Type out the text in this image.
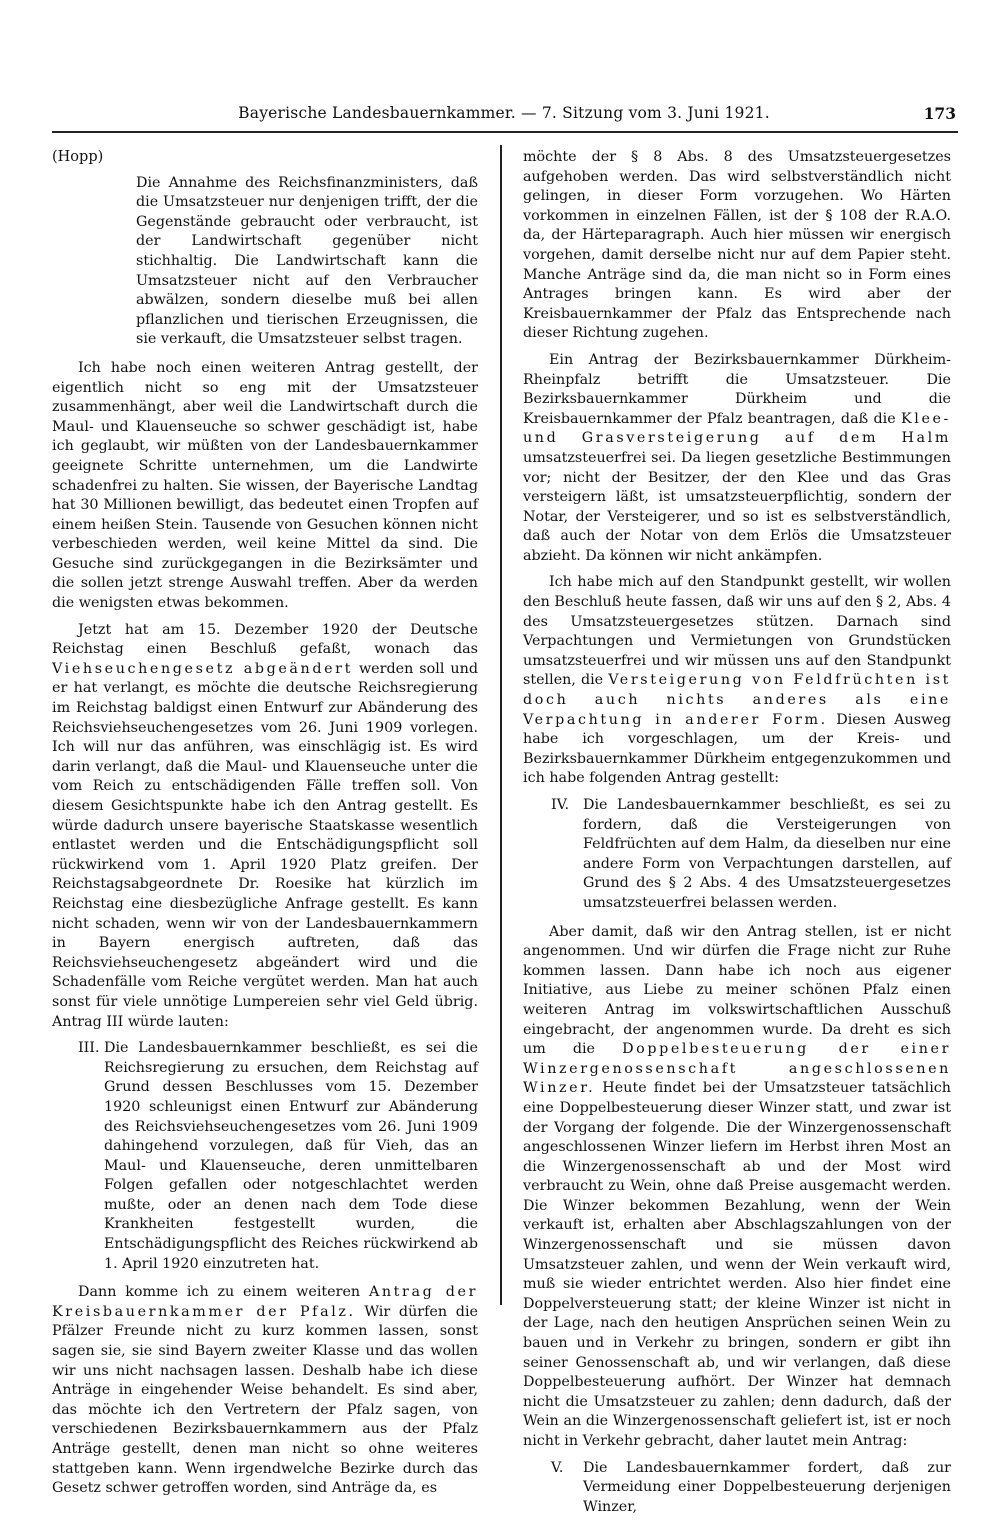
Bayerische Landesbauernkammer. — 7. Sitzung vom 3. Juni 1921.	173
(Hopp)

Die Annahme des Reichsfinanzministers, daß die Umsatzsteuer nur denjenigen trifft, der die Gegenstände gebraucht oder verbraucht, ist der Landwirtschaft gegenüber nicht stichhaltig. Die Landwirtschaft kann die Umsatzsteuer nicht auf den Verbraucher abwälzen, sondern dieselbe muß bei allen pflanzlichen und tierischen Erzeugnissen, die sie verkauft, die Umsatzsteuer selbst tragen.

Ich habe noch einen weiteren Antrag gestellt, der eigentlich nicht so eng mit der Umsatzsteuer zusammenhängt, aber weil die Landwirtschaft durch die Maul- und Klauenseuche so schwer geschädigt ist, habe ich geglaubt, wir müßten von der Landesbauernkammer geeignete Schritte unternehmen, um die Landwirte schadenfrei zu halten. Sie wissen, der Bayerische Landtag hat 30 Millionen bewilligt, das bedeutet einen Tropfen auf einem heißen Stein. Tausende von Gesuchen können nicht verbeschieden werden, weil keine Mittel da sind. Die Gesuche sind zurückgegangen in die Bezirksämter und die sollen jetzt strenge Auswahl treffen. Aber da werden die wenigsten etwas bekommen.

Jetzt hat am 15. Dezember 1920 der Deutsche Reichstag einen Beschluß gefaßt, wonach das Viehseuchengesetz abgeändert werden soll und er hat verlangt, es möchte die deutsche Reichsregierung im Reichstag baldigst einen Entwurf zur Abänderung des Reichsviehseuchengesetzes vom 26. Juni 1909 vorlegen. Ich will nur das anführen, was einschlägig ist. Es wird darin verlangt, daß die Maul- und Klauenseuche unter die vom Reich zu entschädigenden Fälle treffen soll. Von diesem Gesichtspunkte habe ich den Antrag gestellt. Es würde dadurch unsere bayerische Staatskasse wesentlich entlastet werden und die Entschädigungspflicht soll rückwirkend vom 1. April 1920 Platz greifen. Der Reichstagsabgeordnete Dr. Roesike hat kürzlich im Reichstag eine diesbezügliche Anfrage gestellt. Es kann nicht schaden, wenn wir von der Landesbauernkammern in Bayern energisch auftreten, daß das Reichsviehseuchengesetz abgeändert wird und die Schadenfälle vom Reiche vergütet werden. Man hat auch sonst für viele unnötige Lumpereien sehr viel Geld übrig. Antrag III würde lauten:

III. Die Landesbauernkammer beschließt, es sei die Reichsregierung zu ersuchen, dem Reichstag auf Grund dessen Beschlusses vom 15. Dezember 1920 schleunigst einen Entwurf zur Abänderung des Reichsviehseuchengesetzes vom 26. Juni 1909 dahingehend vorzulegen, daß für Vieh, das an Maul- und Klauenseuche, deren unmittelbaren Folgen gefallen oder notgeschlachtet werden mußte, oder an denen nach dem Tode diese Krankheiten festgestellt wurden, die Entschädigungspflicht des Reiches rückwirkend ab 1. April 1920 einzutreten hat.

Dann komme ich zu einem weiteren Antrag der Kreisbauernkammer der Pfalz. Wir dürfen die Pfälzer Freunde nicht zu kurz kommen lassen, sonst sagen sie, sie sind Bayern zweiter Klasse und das wollen wir uns nicht nachsagen lassen. Deshalb habe ich diese Anträge in eingehender Weise behandelt. Es sind aber, das möchte ich den Vertretern der Pfalz sagen, von verschiedenen Bezirksbauernkammern aus der Pfalz Anträge gestellt, denen man nicht so ohne weiteres stattgeben kann. Wenn irgendwelche Bezirke durch das Gesetz schwer getroffen worden, sind Anträge da, es

möchte der § 8 Abs. 8 des Umsatzsteuergesetzes aufgehoben werden. Das wird selbstverständlich nicht gelingen, in dieser Form vorzugehen. Wo Härten vorkommen in einzelnen Fällen, ist der § 108 der R.A.O. da, der Härteparagraph. Auch hier müssen wir energisch vorgehen, damit derselbe nicht nur auf dem Papier steht. Manche Anträge sind da, die man nicht so in Form eines Antrages bringen kann. Es wird aber der Kreisbauernkammer der Pfalz das Entsprechende nach dieser Richtung zugehen.

Ein Antrag der Bezirksbauernkammer Dürkheim-Rheinpfalz betrifft die Umsatzsteuer. Die Bezirksbauernkammer Dürkheim und die Kreisbauernkammer der Pfalz beantragen, daß die Klee- und Grasversteigerung auf dem Halm umsatzsteuerfrei sei. Da liegen gesetzliche Bestimmungen vor; nicht der Besitzer, der den Klee und das Gras versteigern läßt, ist umsatzsteuerpflichtig, sondern der Notar, der Versteigerer, und so ist es selbstverständlich, daß auch der Notar von dem Erlös die Umsatzsteuer abzieht. Da können wir nicht ankämpfen.

Ich habe mich auf den Standpunkt gestellt, wir wollen den Beschluß heute fassen, daß wir uns auf den § 2, Abs. 4 des Umsatzsteuergesetzes stützen. Darnach sind Verpachtungen und Vermietungen von Grundstücken umsatzsteuerfrei und wir müssen uns auf den Standpunkt stellen, die Versteigerung von Feldfrüchten ist doch auch nichts anderes als eine Verpachtung in anderer Form. Diesen Ausweg habe ich vorgeschlagen, um der Kreis- und Bezirksbauernkammer Dürkheim entgegenzukommen und ich habe folgenden Antrag gestellt:

IV. Die Landesbauernkammer beschließt, es sei zu fordern, daß die Versteigerungen von Feldfrüchten auf dem Halm, da dieselben nur eine andere Form von Verpachtungen darstellen, auf Grund des § 2 Abs. 4 des Umsatzsteuergesetzes umsatzsteuerfrei belassen werden.

Aber damit, daß wir den Antrag stellen, ist er nicht angenommen. Und wir dürfen die Frage nicht zur Ruhe kommen lassen. Dann habe ich noch aus eigener Initiative, aus Liebe zu meiner schönen Pfalz einen weiteren Antrag im volkswirtschaftlichen Ausschuß eingebracht, der angenommen wurde. Da dreht es sich um die Doppelbesteuerung der einer Winzergenossenschaft angeschlossenen Winzer. Heute findet bei der Umsatzsteuer tatsächlich eine Doppelbesteuerung dieser Winzer statt, und zwar ist der Vorgang der folgende. Die der Winzergenossenschaft angeschlossenen Winzer liefern im Herbst ihren Most an die Winzergenossenschaft ab und der Most wird verbraucht zu Wein, ohne daß Preise ausgemacht werden. Die Winzer bekommen Bezahlung, wenn der Wein verkauft ist, erhalten aber Abschlagszahlungen von der Winzergenossenschaft und sie müssen davon Umsatzsteuer zahlen, und wenn der Wein verkauft wird, muß sie wieder entrichtet werden. Also hier findet eine Doppelversteuerung statt; der kleine Winzer ist nicht in der Lage, nach den heutigen Ansprüchen seinen Wein zu bauen und in Verkehr zu bringen, sondern er gibt ihn seiner Genossenschaft ab, und wir verlangen, daß diese Doppelbesteuerung aufhört. Der Winzer hat demnach nicht die Umsatzsteuer zu zahlen; denn dadurch, daß der Wein an die Winzergenossenschaft geliefert ist, ist er noch nicht in Verkehr gebracht, daher lautet mein Antrag:

V.	Die Landesbauernkammer fordert, daß zur Vermeidung einer Doppelbesteuerung derjenigen Winzer,
